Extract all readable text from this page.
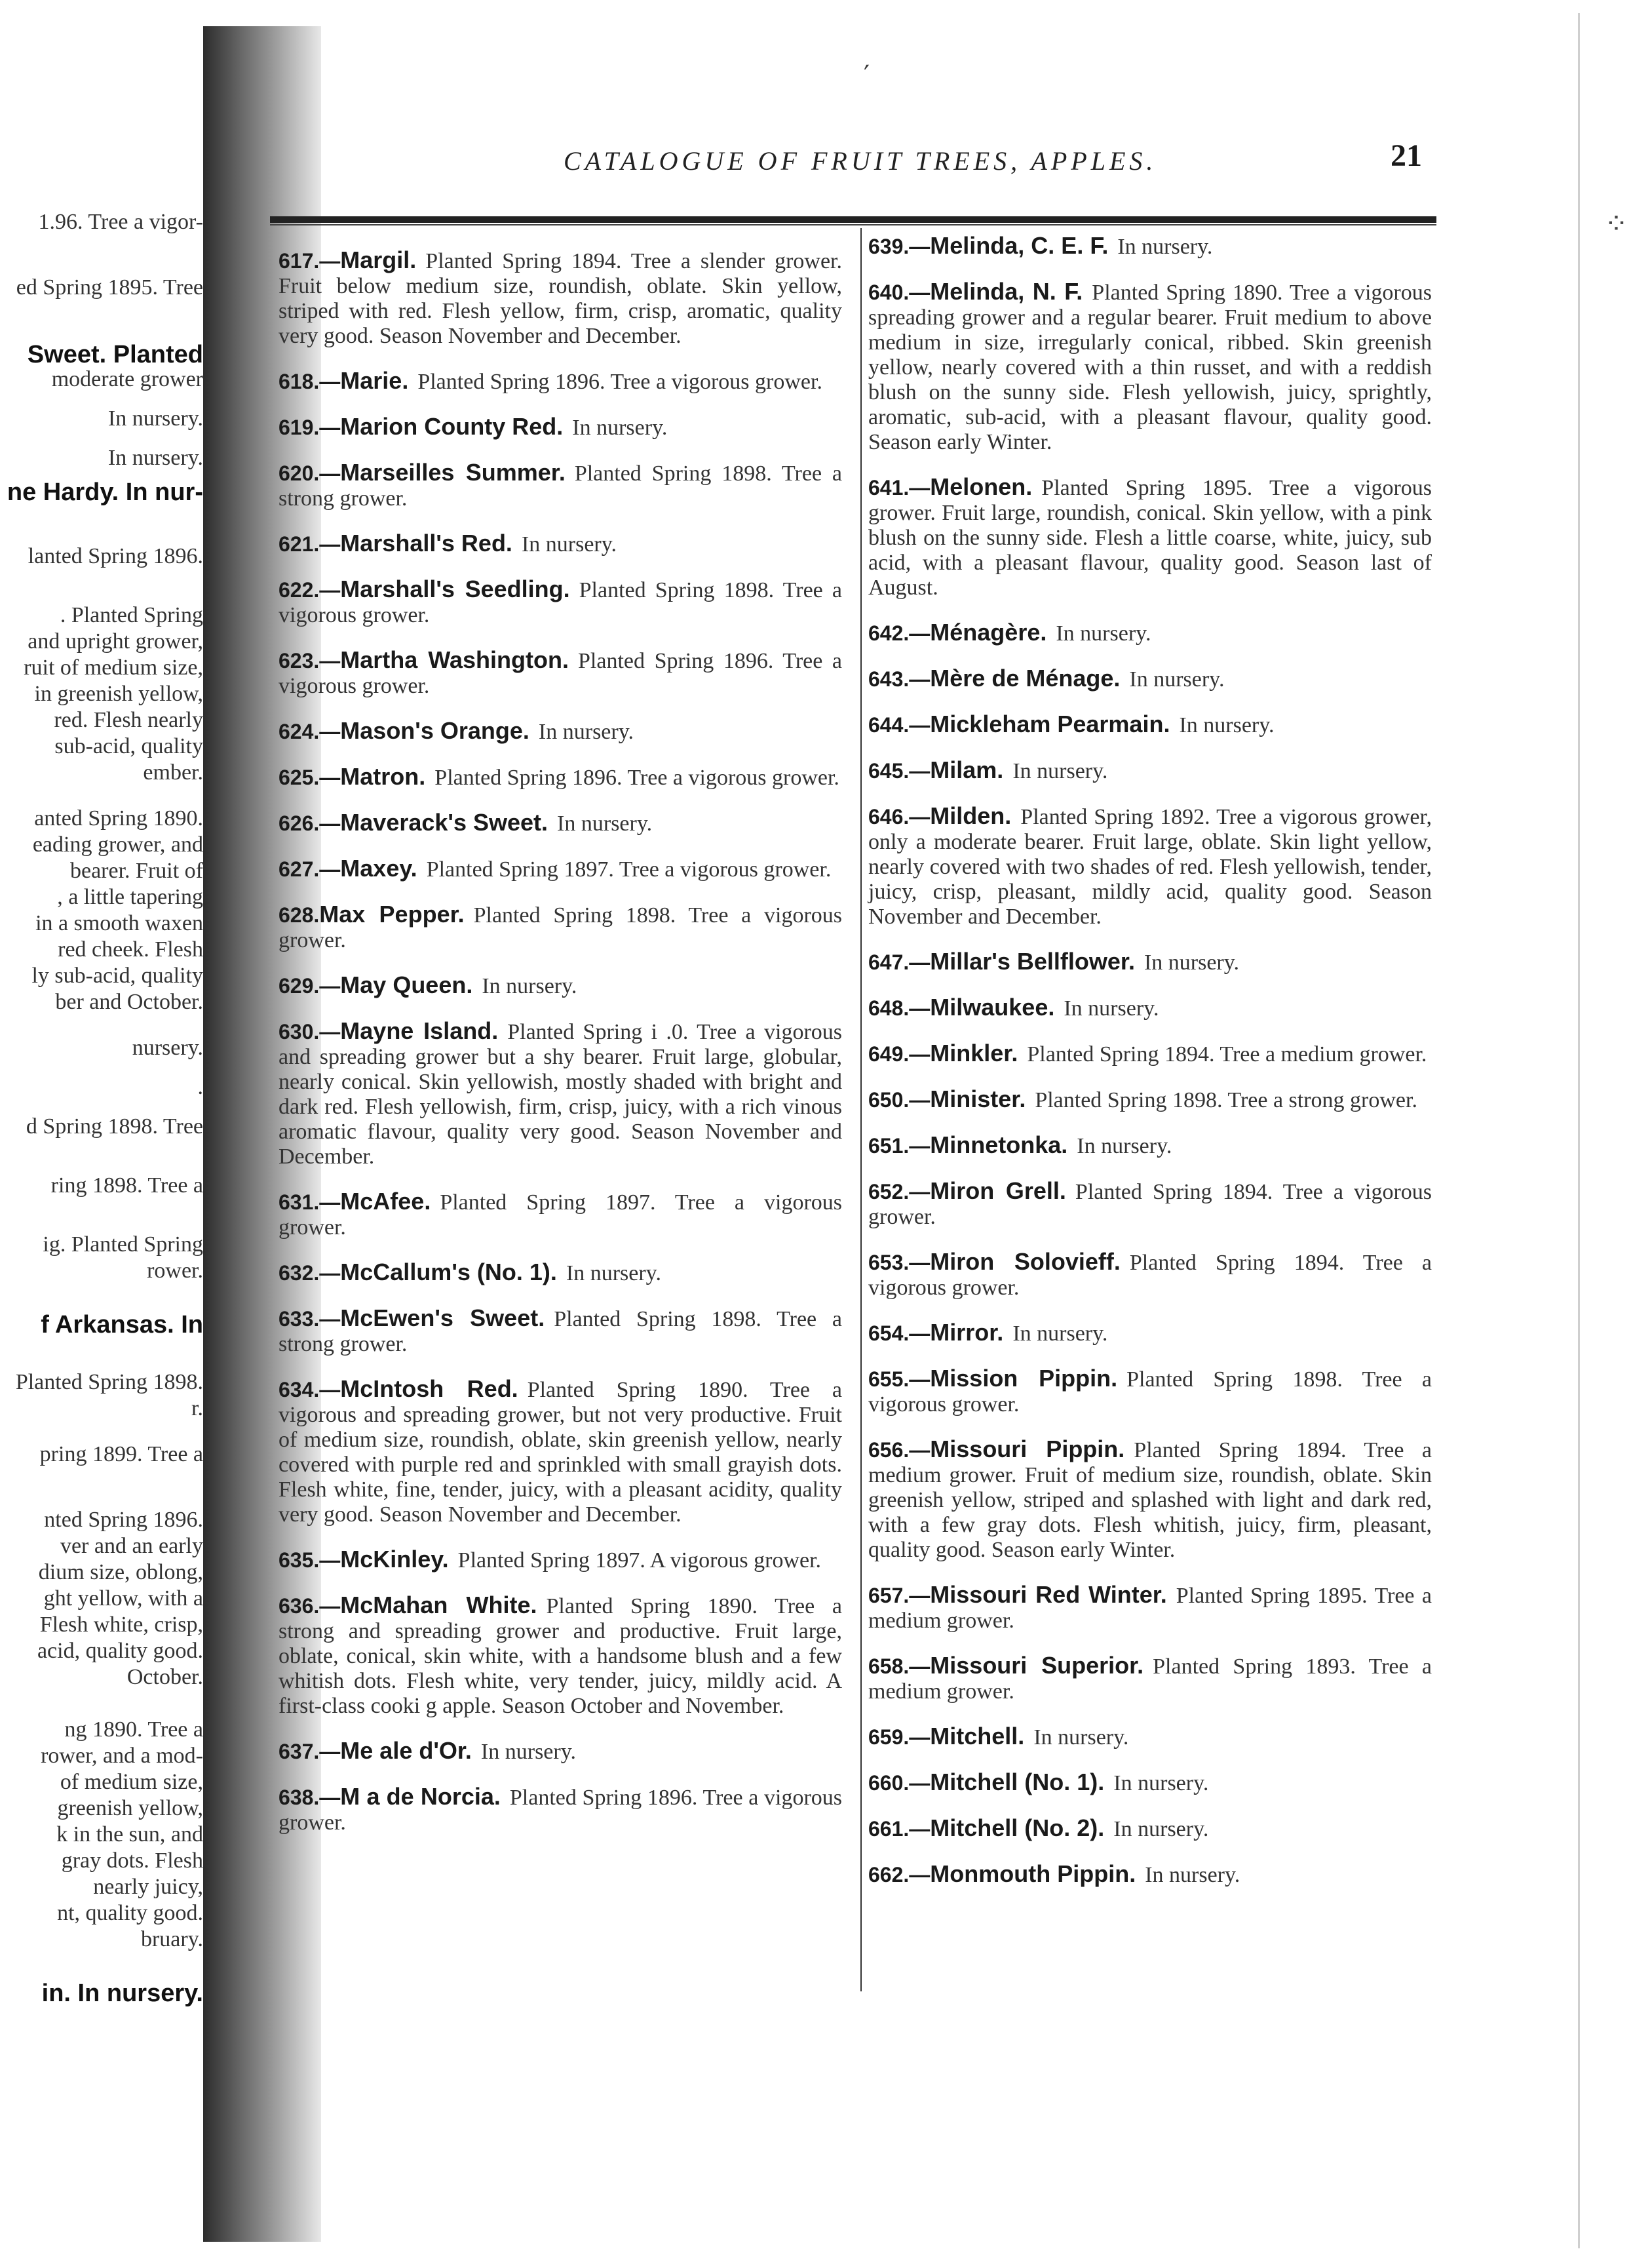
1.96. Tree a vigor-
ed Spring 1895. Tree
Sweet. Planted
moderate grower
In nursery.
In nursery.
ne Hardy. In nur-
lanted Spring 1896.
. Planted Spring
and upright grower,
ruit of medium size,
in greenish yellow,
red. Flesh nearly
sub-acid, quality
ember.
anted Spring 1890.
eading grower, and
bearer. Fruit of
, a little tapering
in a smooth waxen
red cheek. Flesh
ly sub-acid, quality
ber and October.
nursery.
.
d Spring 1898. Tree
ring 1898. Tree a
ig. Planted Spring
rower.
f Arkansas. In
Planted Spring 1898.
r.
pring 1899. Tree a
nted Spring 1896.
ver and an early
dium size, oblong,
ght yellow, with a
Flesh white, crisp,
acid, quality good.
October.
ng 1890. Tree a
rower, and a mod-
of medium size,
greenish yellow,
k in the sun, and
gray dots. Flesh
nearly juicy,
nt, quality good.
bruary.
in. In nursery.
′
⁘
CATALOGUE OF FRUIT TREES, APPLES.	21
617.—Margil. Planted Spring 1894. Tree a slender grower. Fruit below medium size, roundish, oblate. Skin yellow, striped with red. Flesh yellow, firm, crisp, aromatic, quality very good. Season November and December.
618.—Marie. Planted Spring 1896. Tree a vigorous grower.
619.—Marion County Red. In nursery.
620.—Marseilles Summer. Planted Spring 1898. Tree a strong grower.
621.—Marshall's Red. In nursery.
622.—Marshall's Seedling. Planted Spring 1898. Tree a vigorous grower.
623.—Martha Washington. Planted Spring 1896. Tree a vigorous grower.
624.—Mason's Orange. In nursery.
625.—Matron. Planted Spring 1896. Tree a vigorous grower.
626.—Maverack's Sweet. In nursery.
627.—Maxey. Planted Spring 1897. Tree a vigorous grower.
628.Max Pepper. Planted Spring 1898. Tree a vigorous grower.
629.—May Queen. In nursery.
630.—Mayne Island. Planted Spring i .0. Tree a vigorous and spreading grower but a shy bearer. Fruit large, globular, nearly conical. Skin yellowish, mostly shaded with bright and dark red. Flesh yellowish, firm, crisp, juicy, with a rich vinous aromatic flavour, quality very good. Season November and December.
631.—McAfee. Planted Spring 1897. Tree a vigorous grower.
632.—McCallum's (No. 1). In nursery.
633.—McEwen's Sweet. Planted Spring 1898. Tree a strong grower.
634.—McIntosh Red. Planted Spring 1890. Tree a vigorous and spreading grower, but not very productive. Fruit of medium size, roundish, oblate, skin greenish yellow, nearly covered with purple red and sprinkled with small grayish dots. Flesh white, fine, tender, juicy, with a pleasant acidity, quality very good. Season November and December.
635.—McKinley. Planted Spring 1897. A vigorous grower.
636.—McMahan White. Planted Spring 1890. Tree a strong and spreading grower and productive. Fruit large, oblate, conical, skin white, with a handsome blush and a few whitish dots. Flesh white, very tender, juicy, mildly acid. A first-class cooki g apple. Season October and November.
637.—Me ale d'Or. In nursery.
638.—M a de Norcia. Planted Spring 1896. Tree a vigorous grower.
639.—Melinda, C. E. F. In nursery.
640.—Melinda, N. F. Planted Spring 1890. Tree a vigorous spreading grower and a regular bearer. Fruit medium to above medium in size, irregularly conical, ribbed. Skin greenish yellow, nearly covered with a thin russet, and with a reddish blush on the sunny side. Flesh yellowish, juicy, sprightly, aromatic, sub-acid, with a pleasant flavour, quality good. Season early Winter.
641.—Melonen. Planted Spring 1895. Tree a vigorous grower. Fruit large, roundish, conical. Skin yellow, with a pink blush on the sunny side. Flesh a little coarse, white, juicy, sub acid, with a pleasant flavour, quality good. Season last of August.
642.—Ménagère. In nursery.
643.—Mère de Ménage. In nursery.
644.—Mickleham Pearmain. In nursery.
645.—Milam. In nursery.
646.—Milden. Planted Spring 1892. Tree a vigorous grower, only a moderate bearer. Fruit large, oblate. Skin light yellow, nearly covered with two shades of red. Flesh yellowish, tender, juicy, crisp, pleasant, mildly acid, quality good. Season November and December.
647.—Millar's Bellflower. In nursery.
648.—Milwaukee. In nursery.
649.—Minkler. Planted Spring 1894. Tree a medium grower.
650.—Minister. Planted Spring 1898. Tree a strong grower.
651.—Minnetonka. In nursery.
652.—Miron Grell. Planted Spring 1894. Tree a vigorous grower.
653.—Miron Solovieff. Planted Spring 1894. Tree a vigorous grower.
654.—Mirror. In nursery.
655.—Mission Pippin. Planted Spring 1898. Tree a vigorous grower.
656.—Missouri Pippin. Planted Spring 1894. Tree a medium grower. Fruit of medium size, roundish, oblate. Skin greenish yellow, striped and splashed with light and dark red, with a few gray dots. Flesh whitish, juicy, firm, pleasant, quality good. Season early Winter.
657.—Missouri Red Winter. Planted Spring 1895. Tree a medium grower.
658.—Missouri Superior. Planted Spring 1893. Tree a medium grower.
659.—Mitchell. In nursery.
660.—Mitchell (No. 1). In nursery.
661.—Mitchell (No. 2). In nursery.
662.—Monmouth Pippin. In nursery.
